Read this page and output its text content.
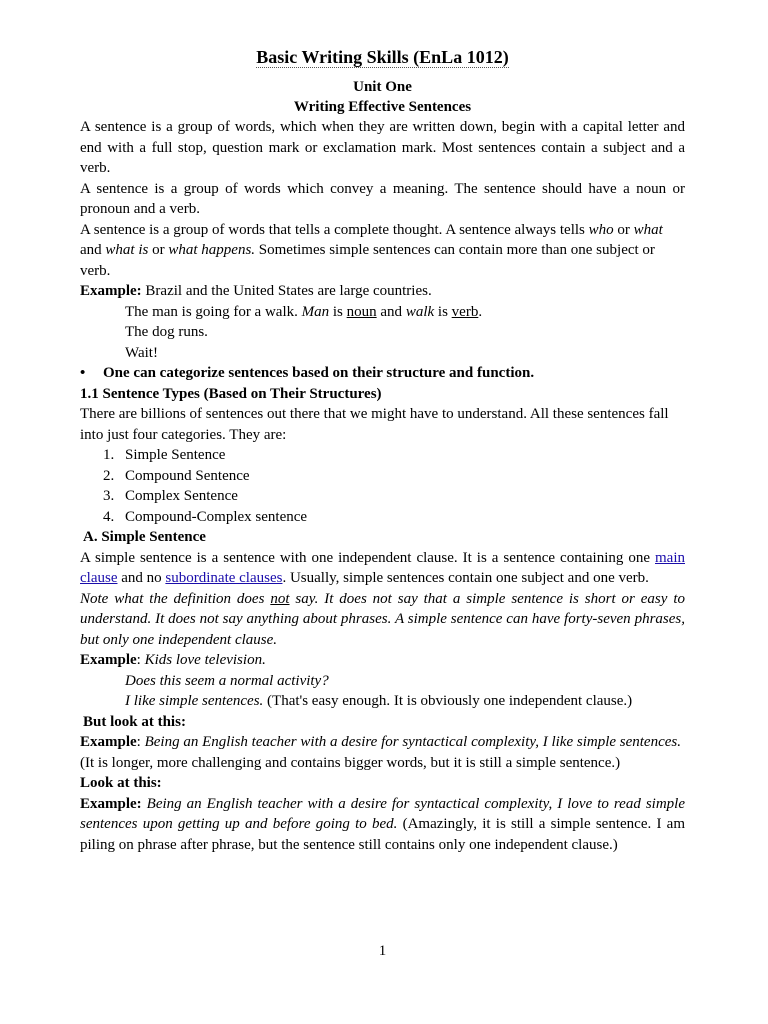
Basic Writing Skills (EnLa 1012)
Unit One
Writing Effective Sentences

A sentence is a group of words, which when they are written down, begin with a capital letter and end with a full stop, question mark or exclamation mark. Most sentences contain a subject and a verb.

A sentence is a group of words which convey a meaning. The sentence should have a noun or pronoun and a verb.

A sentence is a group of words that tells a complete thought. A sentence always tells who or what and what is or what happens. Sometimes simple sentences can contain more than one subject or verb.

Example: Brazil and the United States are large countries.

The man is going for a walk. Man is noun and walk is verb.

The dog runs.

Wait!

• One can categorize sentences based on their structure and function.

1.1 Sentence Types (Based on Their Structures)

There are billions of sentences out there that we might have to understand. All these sentences fall into just four categories. They are:

1. Simple Sentence

2. Compound Sentence

3. Complex Sentence

4. Compound-Complex sentence

A. Simple Sentence

A simple sentence is a sentence with one independent clause. It is a sentence containing one main clause and no subordinate clauses. Usually, simple sentences contain one subject and one verb.

Note what the definition does not say. It does not say that a simple sentence is short or easy to understand. It does not say anything about phrases. A simple sentence can have forty-seven phrases, but only one independent clause.

Example: Kids love television.

Does this seem a normal activity?

I like simple sentences. (That's easy enough. It is obviously one independent clause.)

But look at this:

Example: Being an English teacher with a desire for syntactical complexity, I like simple sentences. (It is longer, more challenging and contains bigger words, but it is still a simple sentence.)

Look at this:

Example: Being an English teacher with a desire for syntactical complexity, I love to read simple sentences upon getting up and before going to bed. (Amazingly, it is still a simple sentence. I am piling on phrase after phrase, but the sentence still contains only one independent clause.)

1
